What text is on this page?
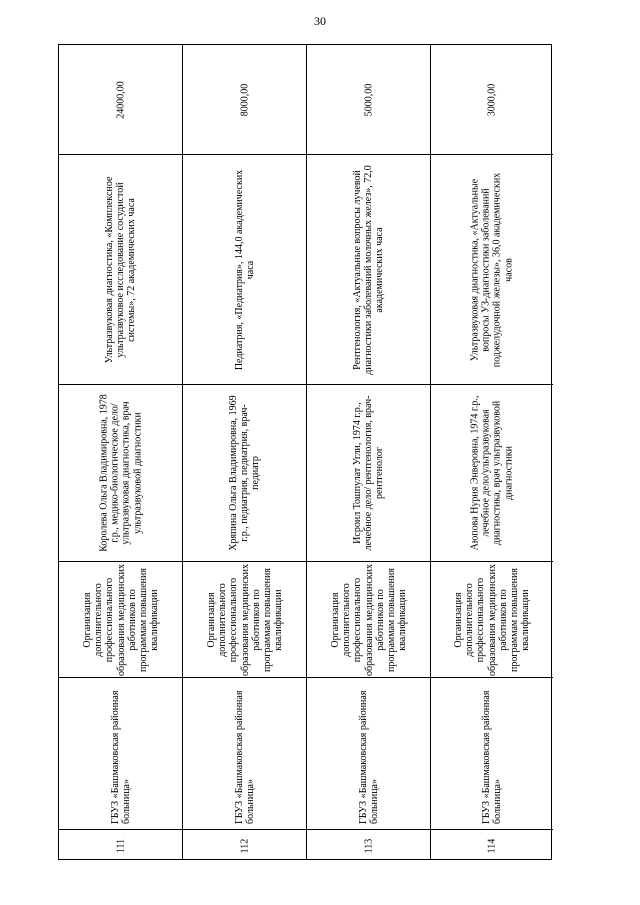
30
24000,00
Ультразвуковая диагностика, «Комплексное ультразвуковое исследование сосудистой системы», 72 академических часа
Королева Ольга Владимировна, 1978 г.р., медико-биологическое дело/ультразвуковая диагностика, врач ультразвуковой диагностики
Организация дополнительного профессионального образования медицинских работников по программам повышения квалификации
ГБУЗ «Башмаковская районная больница»
111
8000,00
Педиатрия, «Педиатрия», 144,0 академических часа
Хряпина Ольга Владимировна, 1969 г.р., педиатрия, педиатрия, врач-педиатр
Организация дополнительного профессионального образования медицинских работников по программам повышения квалификации
ГБУЗ «Башмаковская районная больница»
112
5000,00
Рентгенология, «Актуальные вопросы лучевой диагностики заболеваний молочных желез», 72,0 академических часа
Исроил Тошпулат Угли, 1974 г.р., лечебное дело/ рентгенология, врач-рентгенолог
Организация дополнительного профессионального образования медицинских работников по программам повышения квалификации
ГБУЗ «Башмаковская районная больница»
113
3000,00
Ультразвуковая диагностика, «Актуальные вопросы УЗ-диагностики заболеваний поджелудочной железы», 36,0 академических часов
Аюпова Нурия Энверовна, 1974 г.р., лечебное дело/ультразвуковая диагностика, врач ультразвуковой диагностики
Организация дополнительного профессионального образования медицинских работников по программам повышения квалификации
ГБУЗ «Башмаковская районная больница»
114
